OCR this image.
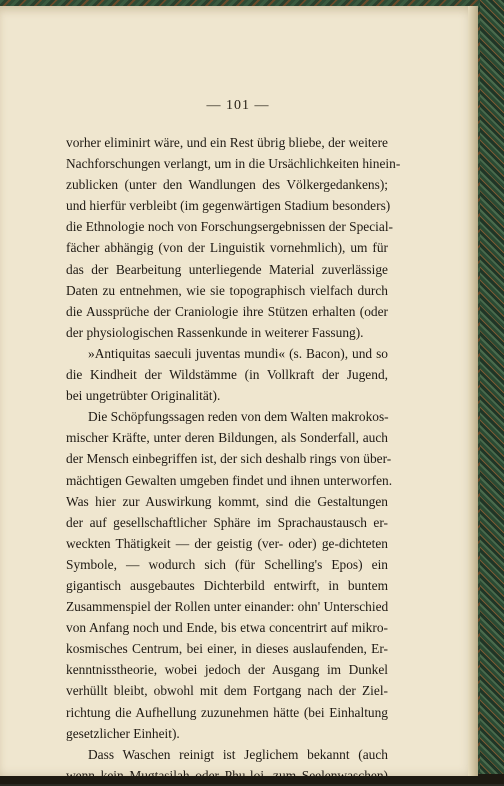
— 101 —
vorher eliminirt wäre, und ein Rest übrig bliebe, der weitere
Nachforschungen verlangt, um in die Ursächlichkeiten hinein-
zublicken (unter den Wandlungen des Völkergedankens);
und hierfür verbleibt (im gegenwärtigen Stadium besonders)
die Ethnologie noch von Forschungsergebnissen der Special-
fächer abhängig (von der Linguistik vornehmlich), um für
das der Bearbeitung unterliegende Material zuverlässige
Daten zu entnehmen, wie sie topographisch vielfach durch
die Aussprüche der Craniologie ihre Stützen erhalten (oder
der physiologischen Rassenkunde in weiterer Fassung).
»Antiquitas saeculi juventas mundi« (s. Bacon), und so
die Kindheit der Wildstämme (in Vollkraft der Jugend,
bei ungetrübter Originalität).
Die Schöpfungssagen reden von dem Walten makrokos-
mischer Kräfte, unter deren Bildungen, als Sonderfall, auch
der Mensch einbegriffen ist, der sich deshalb rings von über-
mächtigen Gewalten umgeben findet und ihnen unterworfen.
Was hier zur Auswirkung kommt, sind die Gestaltungen
der auf gesellschaftlicher Sphäre im Sprachaustausch er-
weckten Thätigkeit — der geistig (ver- oder) ge-dichteten
Symbole, — wodurch sich (für Schelling's Epos) ein
gigantisch ausgebautes Dichterbild entwirft, in buntem
Zusammenspiel der Rollen unter einander: ohn' Unterschied
von Anfang noch und Ende, bis etwa concentrirt auf mikro-
kosmisches Centrum, bei einer, in dieses auslaufenden, Er-
kenntnisstheorie, wobei jedoch der Ausgang im Dunkel
verhüllt bleibt, obwohl mit dem Fortgang nach der Ziel-
richtung die Aufhellung zuzunehmen hätte (bei Einhaltung
gesetzlicher Einheit).
Dass Waschen reinigt ist Jeglichem bekannt (auch
wenn kein Mugtasilah oder Phu-loi, zum Seelenwaschen)
